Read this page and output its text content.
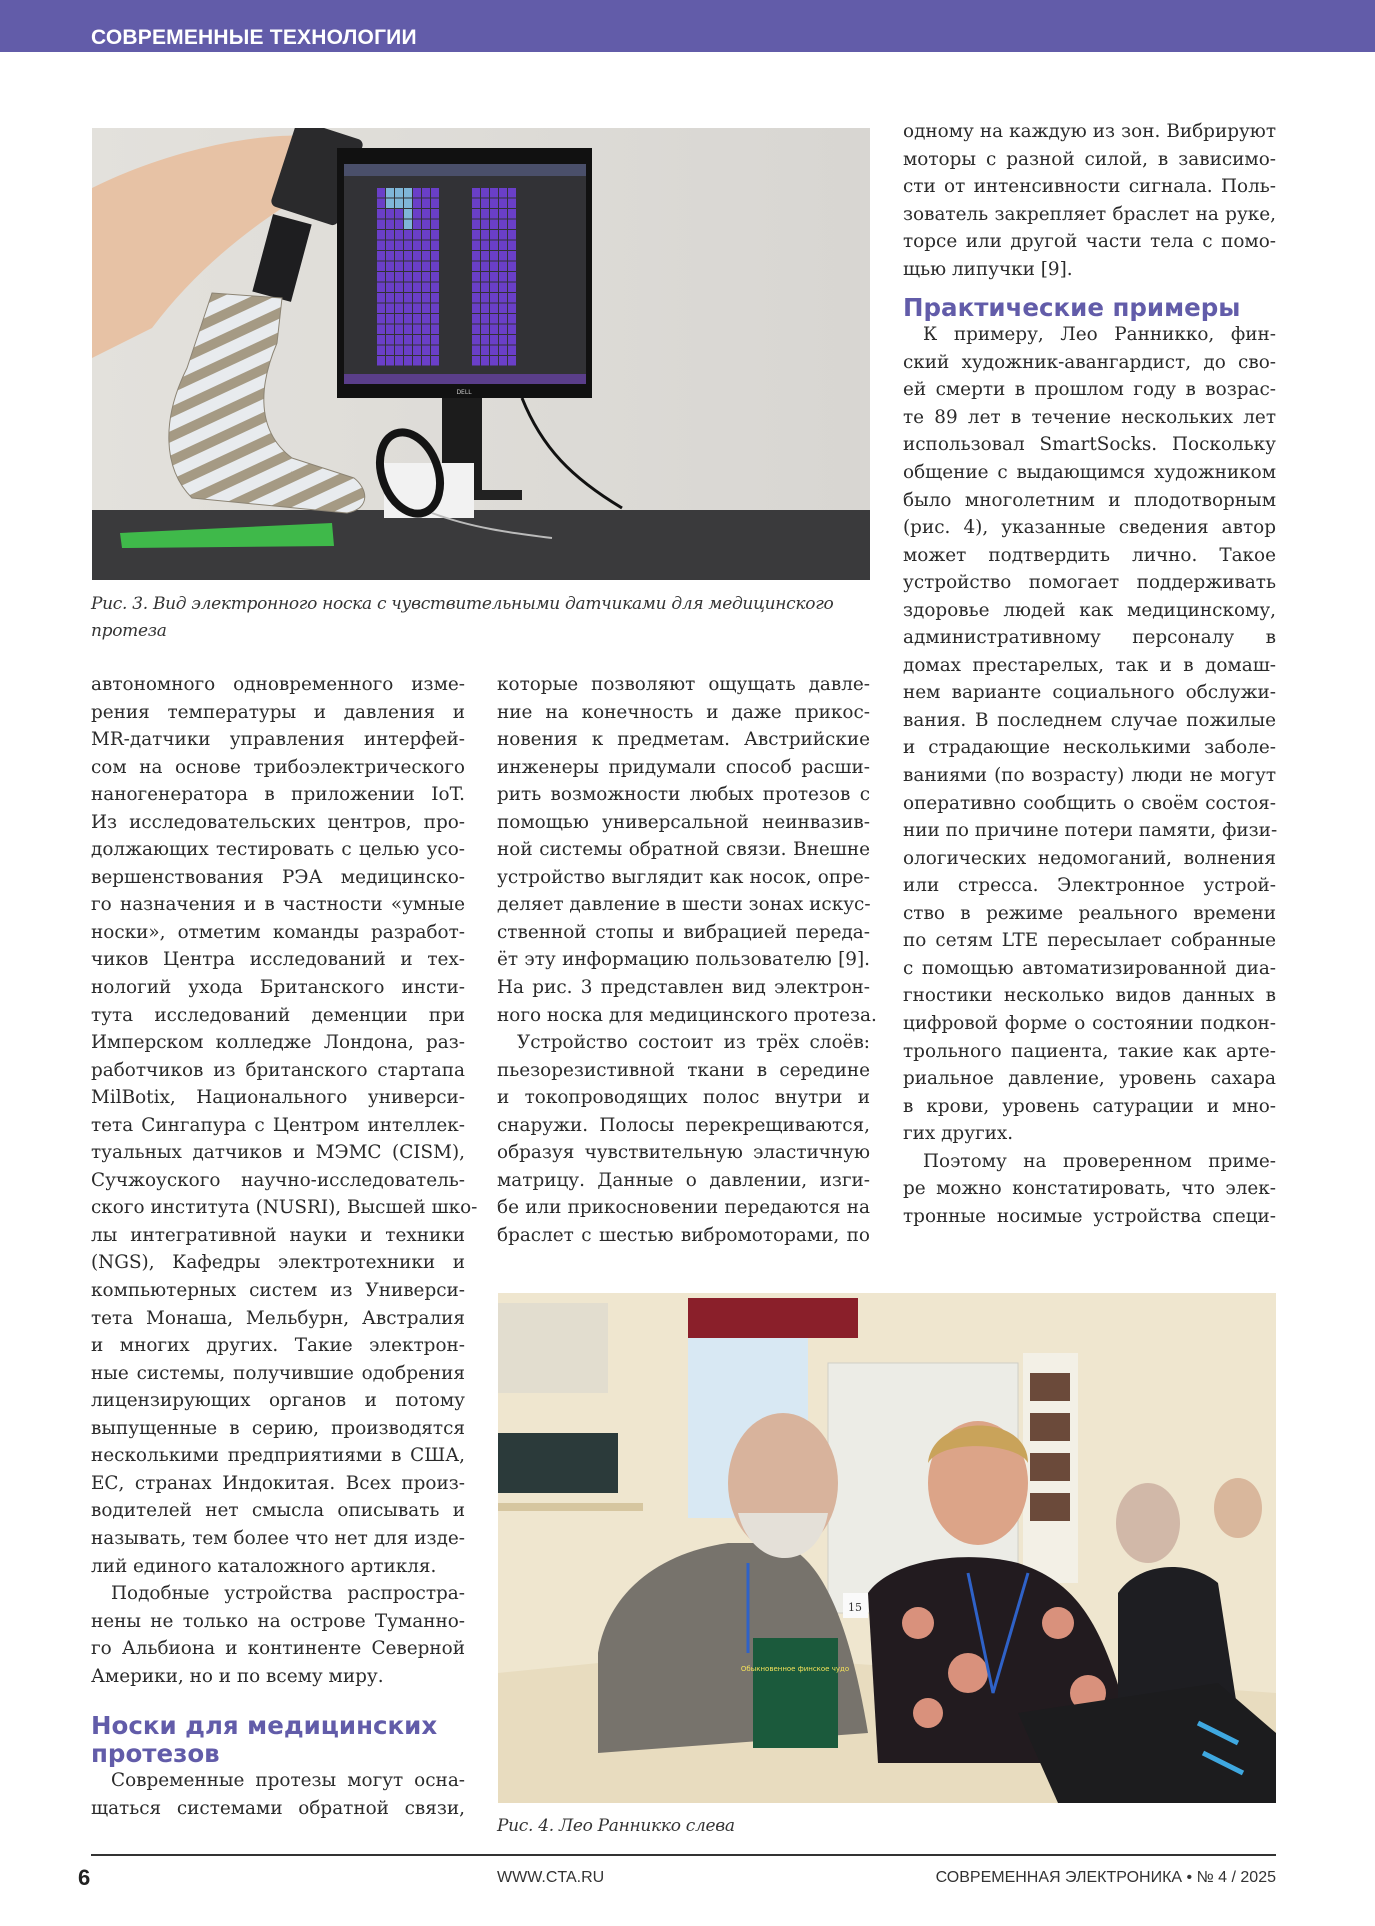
СОВРЕМЕННЫЕ ТЕХНОЛОГИИ
DELL
Рис. 3. Вид электронного носка с чувствительными датчиками для медицинского
протеза
одному на каждую из зон. Вибрируют
моторы с разной силой, в зависимо-
сти от интенсивности сигнала. Поль-
зователь закрепляет браслет на руке,
торсе или другой части тела с помо-
щью липучки [9].
Практические примеры
К примеру, Лео Ранникко, фин-
ский художник-авангардист, до сво-
ей смерти в прошлом году в возрас-
те 89 лет в течение нескольких лет
использовал SmartSocks. Поскольку
общение с выдающимся художником
было многолетним и плодотворным
(рис. 4), указанные сведения автор
может подтвердить лично. Такое
устройство помогает поддерживать
здоровье людей как медицинскому,
административному персоналу в
домах престарелых, так и в домаш-
нем варианте социального обслужи-
вания. В последнем случае пожилые
и страдающие несколькими заболе-
ваниями (по возрасту) люди не могут
оперативно сообщить о своём состоя-
нии по причине потери памяти, физи-
ологических недомоганий, волнения
или стресса. Электронное устрой-
ство в режиме реального времени
по сетям LTE пересылает собранные
с помощью автоматизированной диа-
гностики несколько видов данных в
цифровой форме о состоянии подкон-
трольного пациента, такие как арте-
риальное давление, уровень сахара
в крови, уровень сатурации и мно-
гих других.
Поэтому на проверенном приме-
ре можно констатировать, что элек-
тронные носимые устройства специ-
автономного одновременного изме-
рения температуры и давления и
MR-датчики управления интерфей-
сом на основе трибоэлектрического
наногенератора в приложении IoT.
Из исследовательских центров, про-
должающих тестировать с целью усо-
вершенствования РЭА медицинско-
го назначения и в частности «умные
носки», отметим команды разработ-
чиков Центра исследований и тех-
нологий ухода Британского инсти-
тута исследований деменции при
Имперском колледже Лондона, раз-
работчиков из британского стартапа
MilBotix, Национального универси-
тета Сингапура с Центром интеллек-
туальных датчиков и МЭМС (CISM),
Сучжоуского научно-исследователь-
ского института (NUSRI), Высшей шко-
лы интегративной науки и техники
(NGS), Кафедры электротехники и
компьютерных систем из Универси-
тета Монаша, Мельбурн, Австралия
и многих других. Такие электрон-
ные системы, получившие одобрения
лицензирующих органов и потому
выпущенные в серию, производятся
несколькими предприятиями в США,
ЕС, странах Индокитая. Всех произ-
водителей нет смысла описывать и
называть, тем более что нет для изде-
лий единого каталожного артикля.
Подобные устройства распростра-
нены не только на острове Туманно-
го Альбиона и континенте Северной
Америки, но и по всему миру.
Носки для медицинских
протезов
Современные протезы могут осна-
щаться системами обратной связи,
которые позволяют ощущать давле-
ние на конечность и даже прикос-
новения к предметам. Австрийские
инженеры придумали способ расши-
рить возможности любых протезов с
помощью универсальной неинвазив-
ной системы обратной связи. Внешне
устройство выглядит как носок, опре-
деляет давление в шести зонах искус-
ственной стопы и вибрацией переда-
ёт эту информацию пользователю [9].
На рис. 3 представлен вид электрон-
ного носка для медицинского протеза.
Устройство состоит из трёх слоёв:
пьезорезистивной ткани в середине
и токопроводящих полос внутри и
снаружи. Полосы перекрещиваются,
образуя чувствительную эластичную
матрицу. Данные о давлении, изги-
бе или прикосновении передаются на
браслет с шестью вибромоторами, по
Обыкновенное финское чудо
15
Рис. 4. Лео Ранникко слева
6	WWW.CTA.RU	СОВРЕМЕННАЯ ЭЛЕКТРОНИКА • № 4 / 2025
